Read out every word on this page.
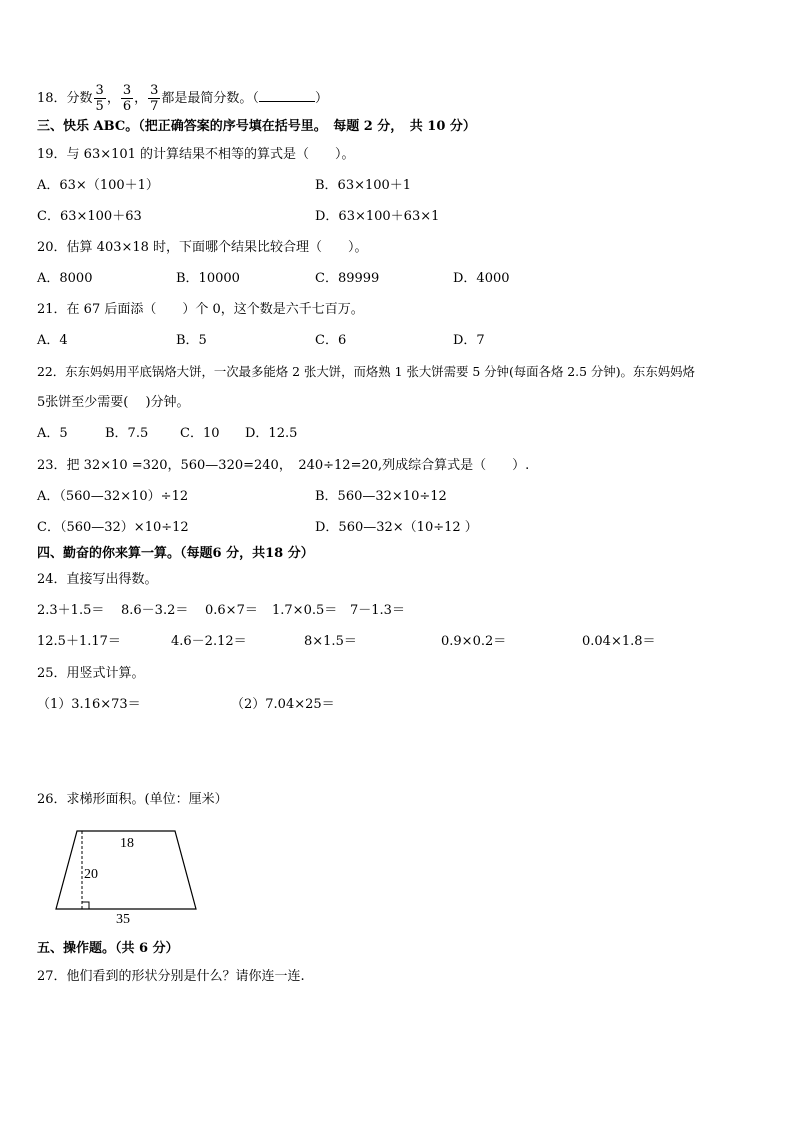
18．分数 $\frac{3}{5}$ ， $\frac{3}{6}$ ， $\frac{3}{7}$ 都是最简分数。（	）
三、快乐 ABC。（把正确答案的序号填在括号里。　每题 2 分，　共 10 分）
19．与 63×101 的计算结果不相等的算式是（　　）。
A．63×（100＋1）	B．63×100＋1
C．63×100＋63	D．63×100＋63×1
20．估算 403×18 时，下面哪个结果比较合理（　　）。
A．8000	B．10000	C．89999	D．4000
21．在 67 后面添（　　）个 0，这个数是六千七百万。
A．4	B．5	C．6	D．7
22．东东妈妈用平底锅烙大饼，一次最多能烙 2 张大饼，而烙熟 1 张大饼需要 5 分钟(每面各烙 2.5 分钟)。东东妈妈烙
5张饼至少需要(　 )分钟。
A．5	B．7.5 C．10 D．12.5
23．把 32×10 =320，560—320=240，　240÷12=20,列成综合算式是（　　）.
A．（560—32×10）÷12	B．560—32×10÷12
C．（560—32）×10÷12	D．560—32×（10÷12 ）
四、勤奋的你来算一算。（每题6 分，共18 分）
24．直接写出得数。
2.3＋1.5＝ 8.6－3.2＝ 0.6×7＝ 1.7×0.5＝ 7－1.3＝
12.5＋1.17＝	4.6－2.12＝	8×1.5＝	0.9×0.2＝	0.04×1.8＝
25．用竖式计算。
（1）3.16×73＝	（2）7.04×25＝
26．求梯形面积。(单位：厘米）
18
20
35
五、操作题。（共 6 分）
27．他们看到的形状分别是什么？请你连一连.
